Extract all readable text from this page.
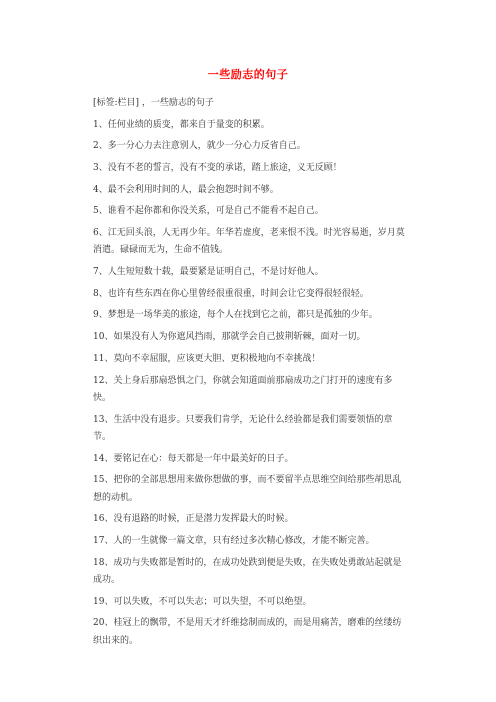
一些励志的句子

[标签:栏目] ，一些励志的句子

1、任何业绩的质变，都来自于量变的积累。

2、多一分心力去注意别人，就少一分心力反省自己。

3、没有不老的誓言，没有不变的承诺，踏上旅途，义无反顾！

4、最不会利用时间的人，最会抱怨时间不够。

5、谁看不起你都和你没关系，可是自己不能看不起自己。

6、江无回头浪，人无再少年。年华若虚度，老来恨不浅。时光容易逝，岁月莫消遣。碌碌而无为，生命不值钱。

7、人生短短数十载，最要紧是证明自己，不是讨好他人。

8、也许有些东西在你心里曾经很重很重，时间会让它变得很轻很轻。

9、梦想是一场华美的旅途，每个人在找到它之前，都只是孤独的少年。

10、如果没有人为你遮风挡雨，那就学会自己披荆斩棘，面对一切。

11、莫向不幸屈服，应该更大胆、更积极地向不幸挑战！

12、关上身后那扇恐惧之门，你就会知道面前那扇成功之门打开的速度有多快。

13、生活中没有退步。只要我们肯学，无论什么经验都是我们需要领悟的章节。

14、要铭记在心：每天都是一年中最美好的日子。

15、把你的全部思想用来做你想做的事，而不要留半点思维空间给那些胡思乱想的动机。

16、没有退路的时候，正是潜力发挥最大的时候。

17、人的一生就像一篇文章，只有经过多次精心修改，才能不断完善。

18、成功与失败都是暂时的，在成功处跌到便是失败，在失败处勇敢站起就是成功。

19、可以失败，不可以失志；可以失望，不可以绝望。

20、桂冠上的飘带，不是用天才纤维捻制而成的，而是用痛苦，磨难的丝缕纺织出来的。
